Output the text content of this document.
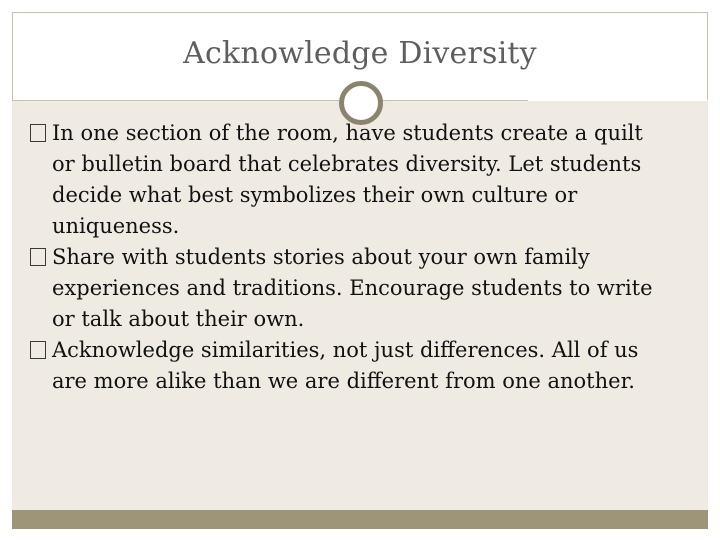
Acknowledge Diversity
In one section of the room, have students create a quilt or bulletin board that celebrates diversity. Let students decide what best symbolizes their own culture or uniqueness.
Share with students stories about your own family experiences and traditions. Encourage students to write or talk about their own.
Acknowledge similarities, not just differences. All of us are more alike than we are different from one another.
